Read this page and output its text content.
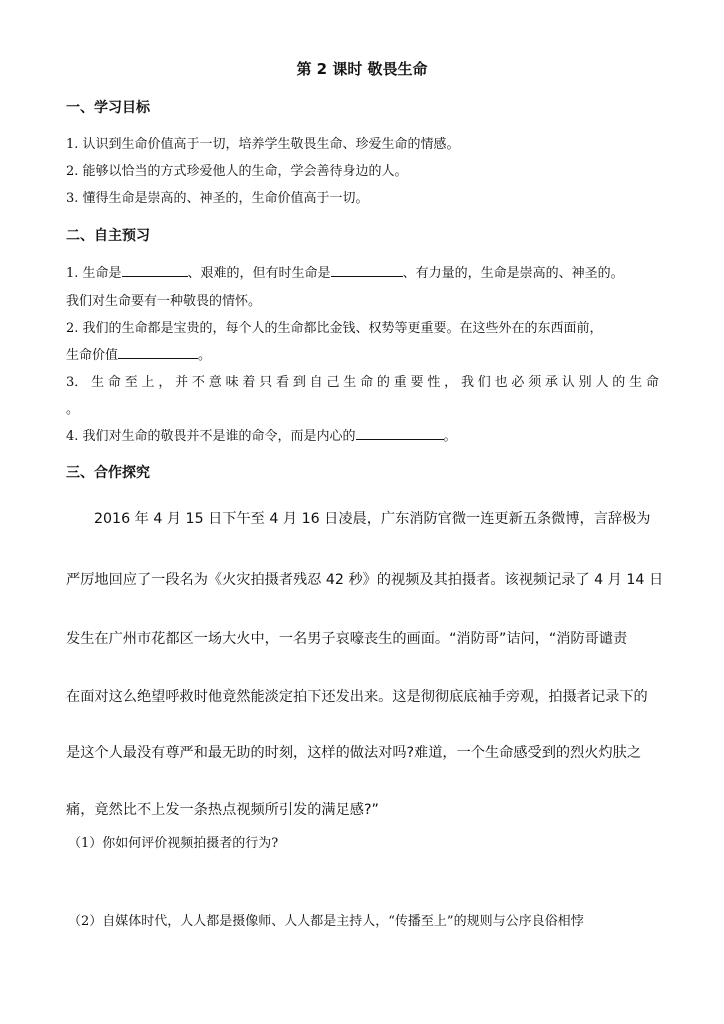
第 2 课时 敬畏生命
一、学习目标
1. 认识到生命价值高于一切，培养学生敬畏生命、珍爱生命的情感。
2. 能够以恰当的方式珍爱他人的生命，学会善待身边的人。
3. 懂得生命是崇高的、神圣的，生命价值高于一切。
二、自主预习
1. 生命是	、艰难的，但有时生命是	、有力量的，生命是崇高的、神圣的。
我们对生命要有一种敬畏的情怀。
2. 我们的生命都是宝贵的，每个人的生命都比金钱、权势等更重要。在这些外在的东西面前，
生命价值	。
3． 生 命 至 上 ， 并 不 意 味 着 只 看 到 自 己 生 命 的 重 要 性 ， 我 们 也 必 须 承 认 别 人 的 生 命
。
4. 我们对生命的敬畏并不是谁的命令，而是内心的	。
三、合作探究
2016 年 4 月 15 日下午至 4 月 16 日凌晨，广东消防官微一连更新五条微博，言辞极为
严厉地回应了一段名为《火灾拍摄者残忍 42 秒》的视频及其拍摄者。该视频记录了 4 月 14 日
发生在广州市花都区一场大火中，一名男子哀嚎丧生的画面。“消防哥”诘问，“消防哥谴责
在面对这么绝望呼救时他竟然能淡定拍下还发出来。这是彻彻底底袖手旁观，拍摄者记录下的
是这个人最没有尊严和最无助的时刻，这样的做法对吗?难道，一个生命感受到的烈火灼肤之
痛，竟然比不上发一条热点视频所引发的满足感?”
（1）你如何评价视频拍摄者的行为?
（2）自媒体时代，人人都是摄像师、人人都是主持人，“传播至上”的规则与公序良俗相悖
